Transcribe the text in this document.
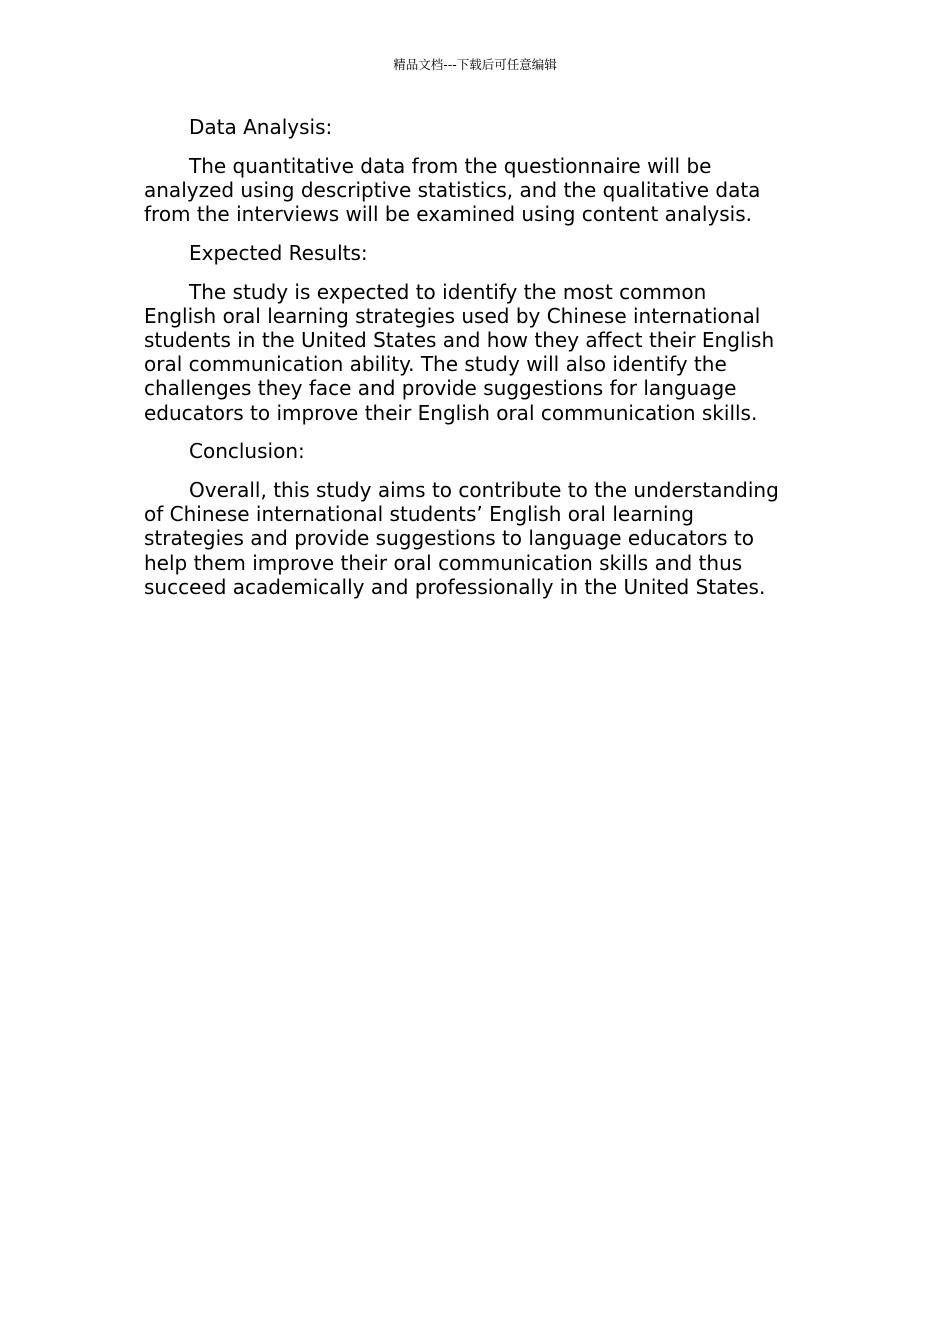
精品文档---下载后可任意编辑

Data Analysis:

The quantitative data from the questionnaire will be
analyzed using descriptive statistics, and the qualitative data
from the interviews will be examined using content analysis.

Expected Results:

The study is expected to identify the most common
English oral learning strategies used by Chinese international
students in the United States and how they affect their English
oral communication ability. The study will also identify the
challenges they face and provide suggestions for language
educators to improve their English oral communication skills.

Conclusion:

Overall, this study aims to contribute to the understanding
of Chinese international students’ English oral learning
strategies and provide suggestions to language educators to
help them improve their oral communication skills and thus
succeed academically and professionally in the United States.
